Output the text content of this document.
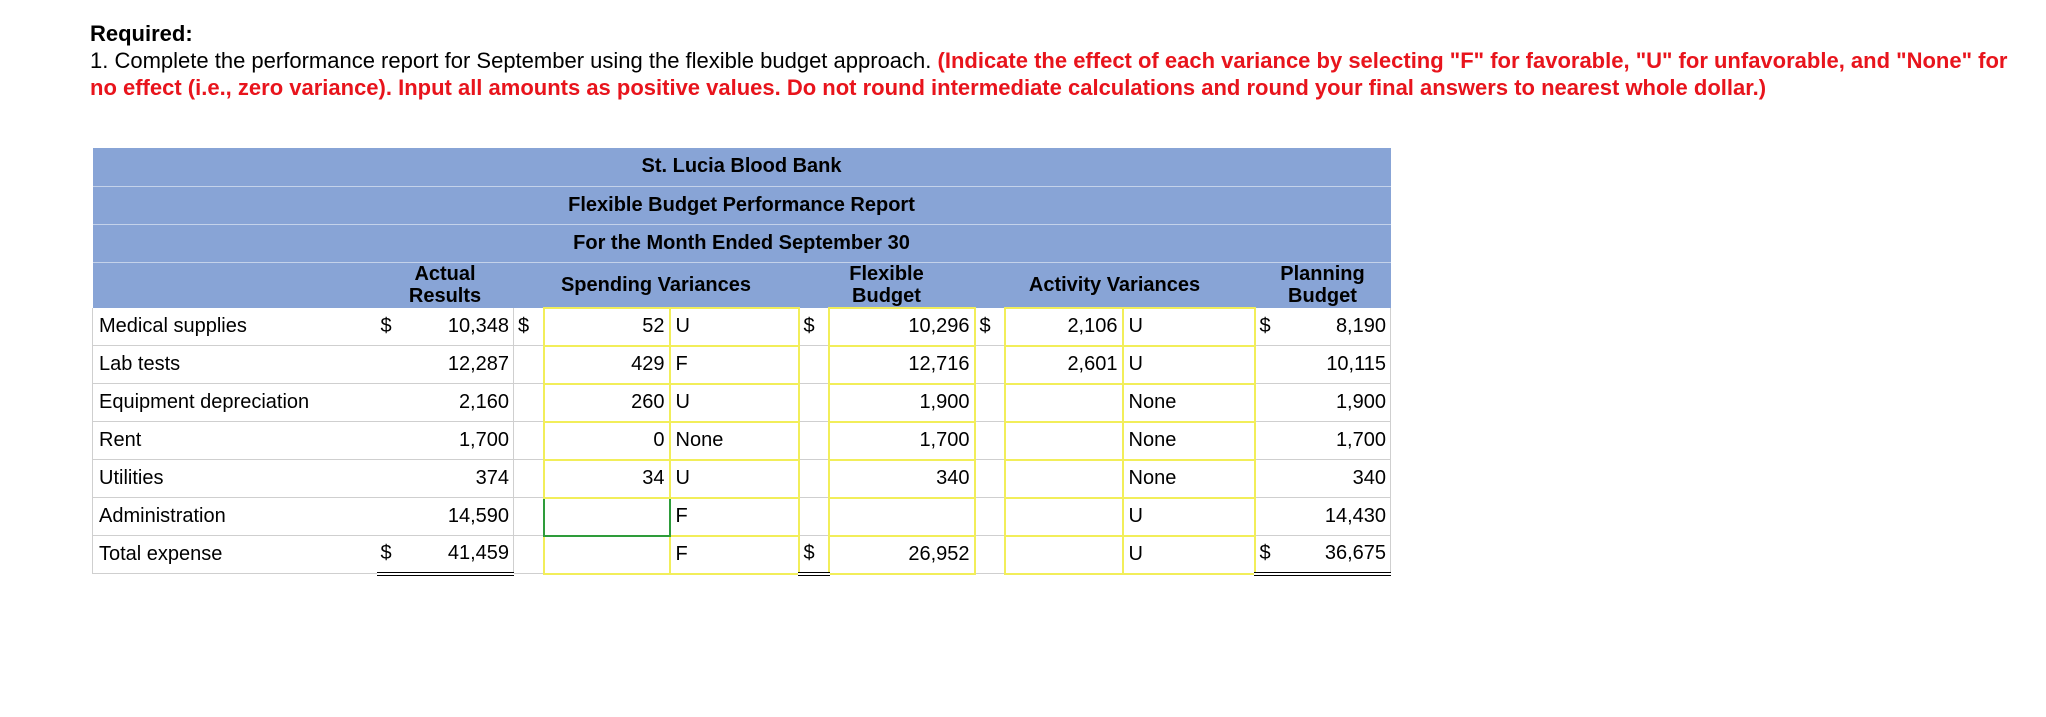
Required:
1. Complete the performance report for September using the flexible budget approach. (Indicate the effect of each variance by selecting "F" for favorable, "U" for unfavorable, and "None" for no effect (i.e., zero variance). Input all amounts as positive values. Do not round intermediate calculations and round your final answers to nearest whole dollar.)
St. Lucia Blood Bank												
Flexible Budget Performance Report												
For the Month Ended September 30												
	Actual
Results		Spending Variances			Flexible
Budget		Activity Variances			Planning
Budget	
Medical supplies	$	10,348	$	52	U	$	10,296	$	2,106	U	$	8,190
Lab tests		12,287		429	F		12,716		2,601	U		10,115
Equipment depreciation		2,160		260	U		1,900			None		1,900
Rent		1,700		0	None		1,700			None		1,700
Utilities		374		34	U		340			None		340
Administration		14,590			F					U		14,430
Total expense	$	41,459			F	$	26,952			U	$	36,675
